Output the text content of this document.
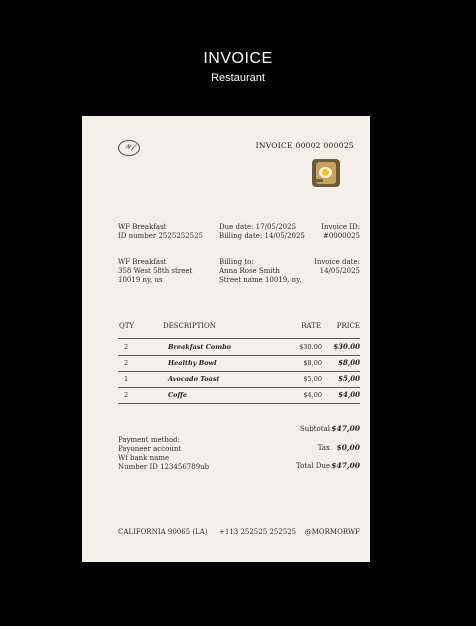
INVOICE
Restaurant
𝒲𝒻	INVOICE 00002 000025
WF Breakfast
ID number 2525252525
Due date: 17/05/2025
Billing date: 14/05/2025
Invoice ID:
#0000025
WF Breakfast
358 West 58th street
10019 ny, us
Billing to:
Anna Rose Smith
Street name 10019, ny.
Invoice date:
14/05/2025
QTY	DESCRIPTION	RATE PRICE
2	Breakfast Combo	$30.00 $30.00
2	Healthy Bowl	$8,00 $8,00
1	Avocado Toast	$5,00 $5,00
2	Coffe	$4,00 $4,00
Payment method:
Payoneer account
Wf bank name
Number ID 123456789ub
Subtotal $47,00
Tax $0,00
Total Due $47,00
CALIFORNIA 90065 (LA) +113 252525 252525 @MORMORWF
